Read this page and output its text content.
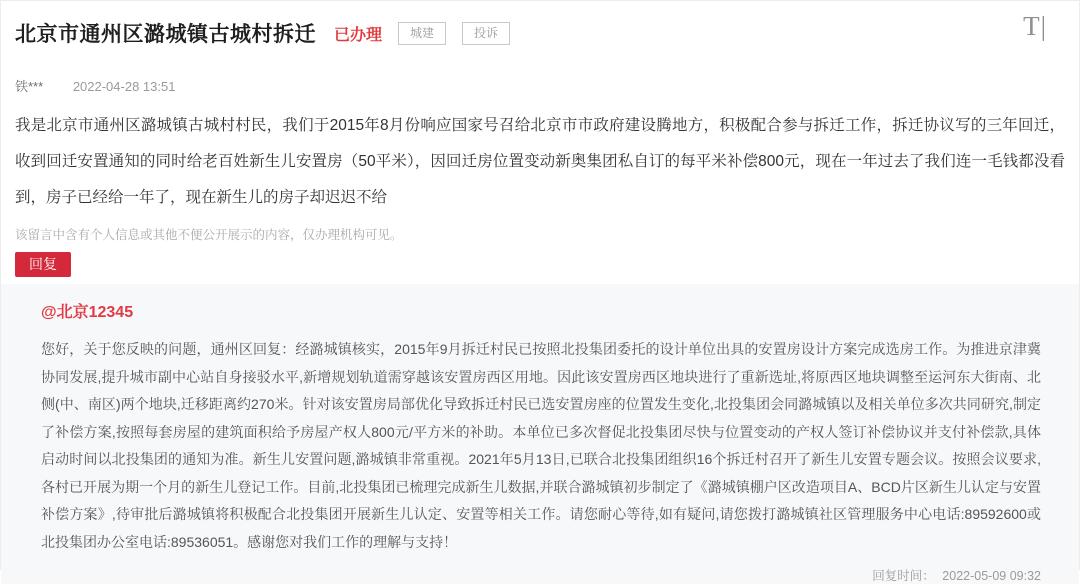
北京市通州区潞城镇古城村拆迁 已办理	城建	投诉	T|
铁*** 2022-04-28 13:51
我是北京市通州区潞城镇古城村村民，我们于2015年8月份响应国家号召给北京市市政府建设腾地方，积极配合参与拆迁工作，拆迁协议写的三年回迁，收到回迁安置通知的同时给老百姓新生儿安置房（50平米），因回迁房位置变动新奥集团私自订的每平米补偿800元，现在一年过去了我们连一毛钱都没看到，房子已经给一年了，现在新生儿的房子却迟迟不给
该留言中含有个人信息或其他不便公开展示的内容，仅办理机构可见。
回复
@北京12345
您好，关于您反映的问题，通州区回复：经潞城镇核实，2015年9月拆迁村民已按照北投集团委托的设计单位出具的安置房设计方案完成选房工作。为推进京津冀协同发展,提升城市副中心站自身接驳水平,新增规划轨道需穿越该安置房西区用地。因此该安置房西区地块进行了重新选址,将原西区地块调整至运河东大街南、北侧(中、南区)两个地块,迁移距离约270米。针对该安置房局部优化导致拆迁村民已选安置房座的位置发生变化,北投集团会同潞城镇以及相关单位多次共同研究,制定了补偿方案,按照每套房屋的建筑面积给予房屋产权人800元/平方米的补助。本单位已多次督促北投集团尽快与位置变动的产权人签订补偿协议并支付补偿款,具体启动时间以北投集团的通知为准。新生儿安置问题,潞城镇非常重视。2021年5月13日,已联合北投集团组织16个拆迁村召开了新生儿安置专题会议。按照会议要求,各村已开展为期一个月的新生儿登记工作。目前,北投集团已梳理完成新生儿数据,并联合潞城镇初步制定了《潞城镇棚户区改造项目A、BCD片区新生儿认定与安置补偿方案》,待审批后潞城镇将积极配合北投集团开展新生儿认定、安置等相关工作。请您耐心等待,如有疑问,请您拨打潞城镇社区管理服务中心电话:89592600或北投集团办公室电话:89536051。感谢您对我们工作的理解与支持！
回复时间： 2022-05-09 09:32
